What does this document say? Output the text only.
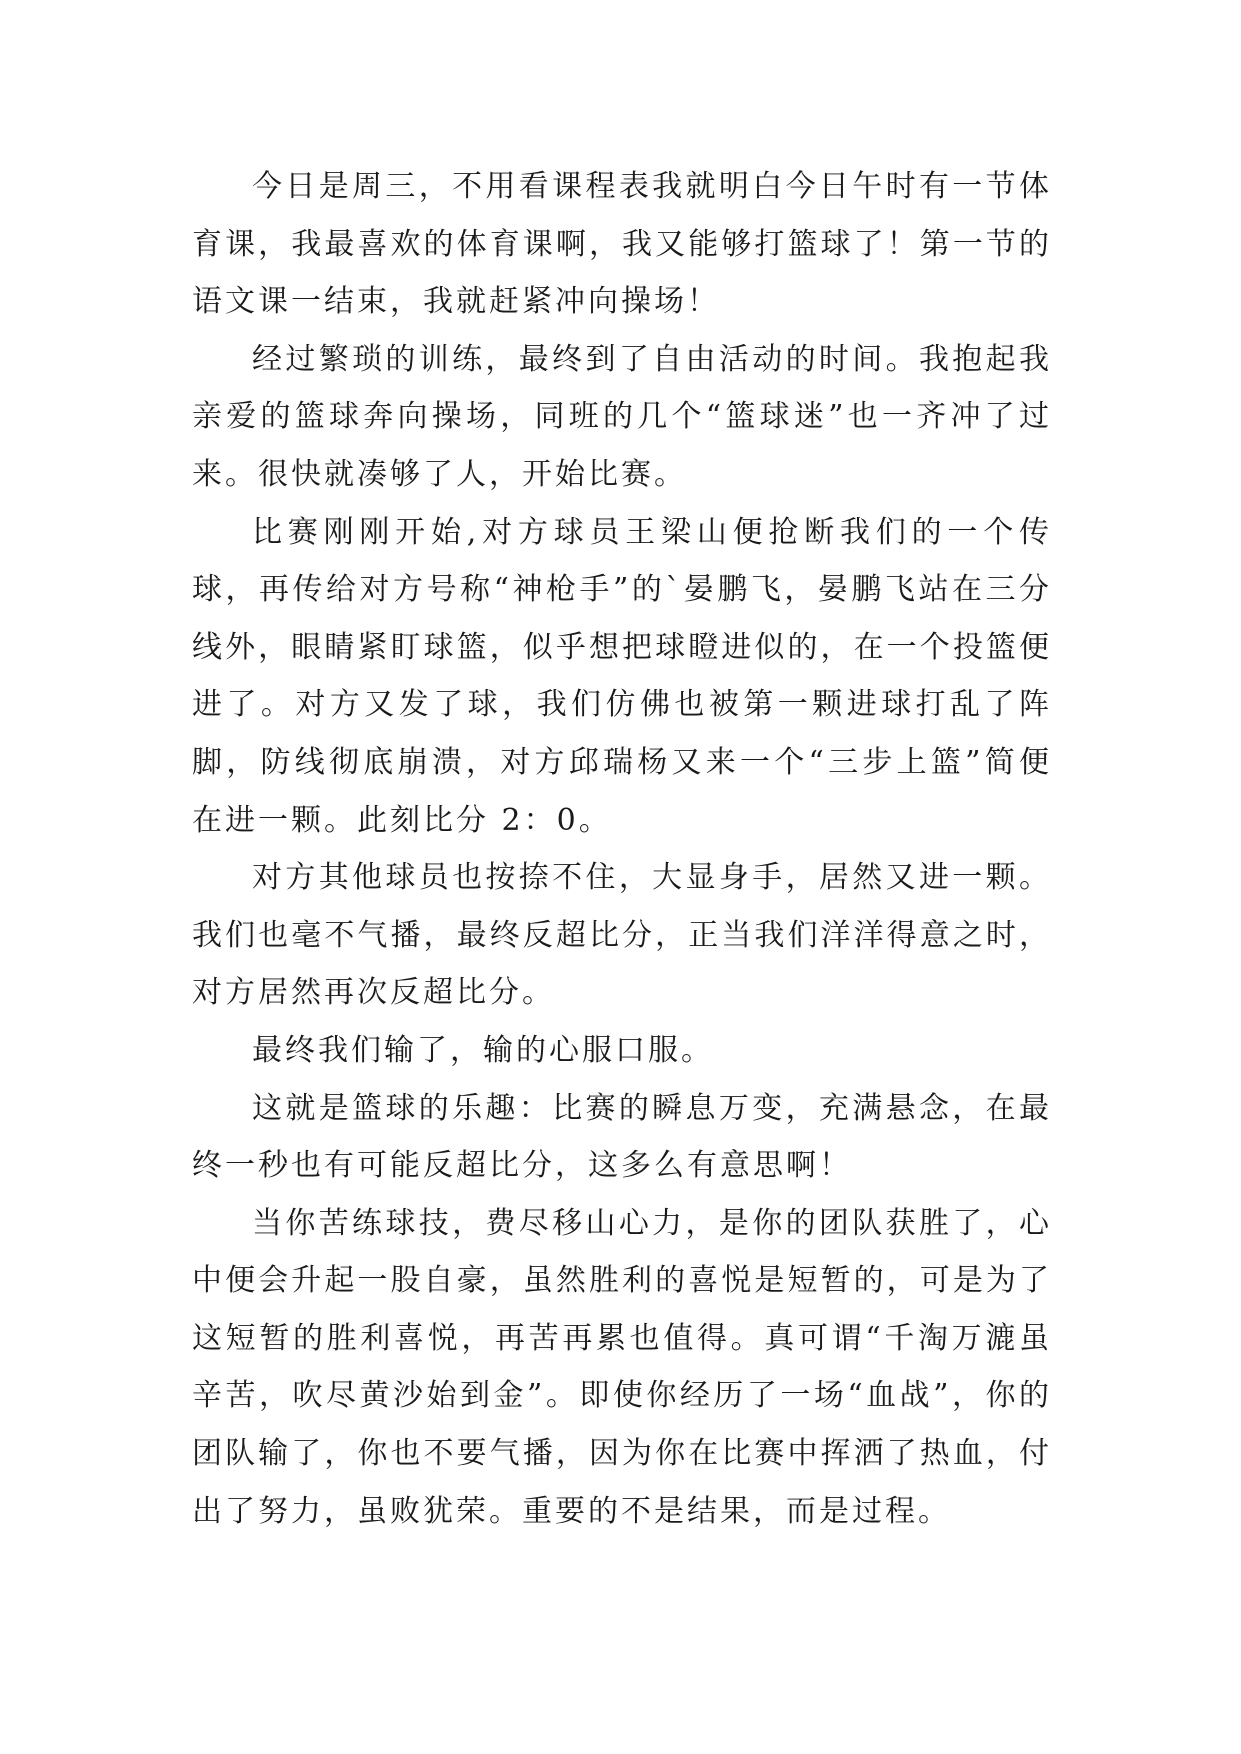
今日是周三，不用看课程表我就明白今日午时有一节体育课，我最喜欢的体育课啊，我又能够打篮球了！第一节的语文课一结束，我就赶紧冲向操场！

经过繁琐的训练，最终到了自由活动的时间。我抱起我亲爱的篮球奔向操场，同班的几个“篮球迷”也一齐冲了过来。很快就凑够了人，开始比赛。

比赛刚刚开始,对方球员王梁山便抢断我们的一个传球，再传给对方号称“神枪手”的`晏鹏飞，晏鹏飞站在三分线外，眼睛紧盯球篮，似乎想把球瞪进似的，在一个投篮便进了。对方又发了球，我们仿佛也被第一颗进球打乱了阵脚，防线彻底崩溃，对方邱瑞杨又来一个“三步上篮”简便在进一颗。此刻比分 2：0。

对方其他球员也按捺不住，大显身手，居然又进一颗。我们也毫不气播，最终反超比分，正当我们洋洋得意之时，对方居然再次反超比分。

最终我们输了，输的心服口服。

这就是篮球的乐趣：比赛的瞬息万变，充满悬念，在最终一秒也有可能反超比分，这多么有意思啊！

当你苦练球技，费尽移山心力，是你的团队获胜了，心中便会升起一股自豪，虽然胜利的喜悦是短暂的，可是为了这短暂的胜利喜悦，再苦再累也值得。真可谓“千淘万漉虽辛苦，吹尽黄沙始到金”。即使你经历了一场“血战”，你的团队输了，你也不要气播，因为你在比赛中挥洒了热血，付出了努力，虽败犹荣。重要的不是结果，而是过程。
